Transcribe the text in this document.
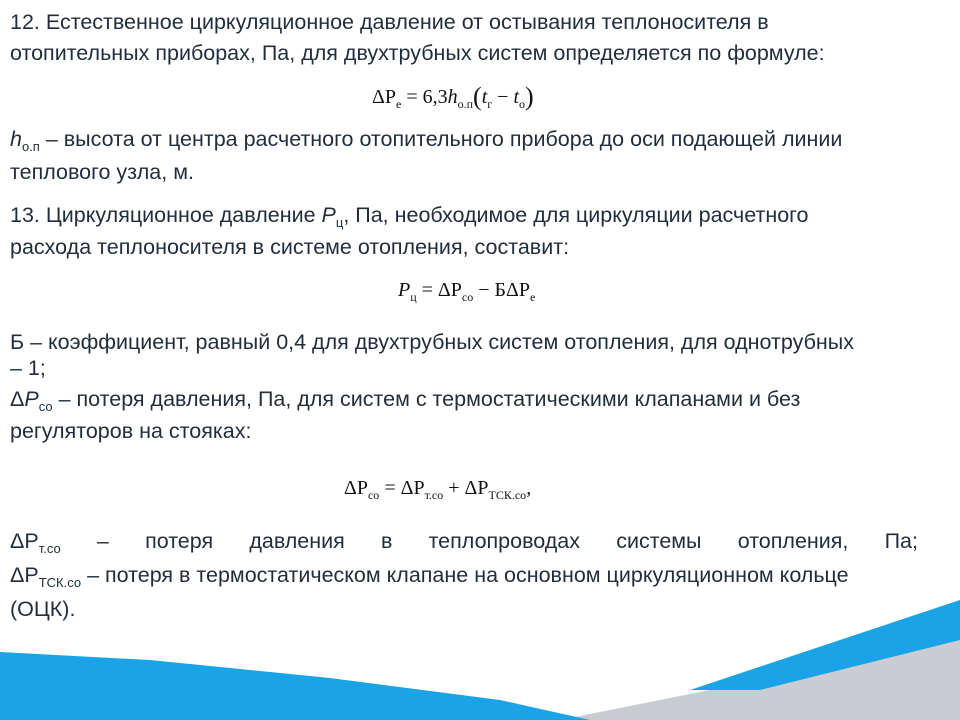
12. Естественное циркуляционное давление от остывания теплоносителя в
отопительных приборах, Па, для двухтрубных систем определяется по формуле:
$\Delta P_е = 6,3h_{о.п}(t_г - t_о)$
$h_{о.п}$ – высота от центра расчетного отопительного прибора до оси подающей линии
теплового узла, м.
13. Циркуляционное давление $P_ц$, Па, необходимое для циркуляции расчетного
расхода теплоносителя в системе отопления, составит:
$P_ц = \Delta P_{со} - Б\Delta P_е$
Б – коэффициент, равный 0,4 для двухтрубных систем отопления, для однотрубных
– 1;
$\Delta P_{со}$ – потеря давления, Па, для систем с термостатическими клапанами и без
регуляторов на стояках:
$\Delta P_{со} = \Delta P_{т.со} + \Delta P_{ТСК.со}$,
$\Delta P_{т.со}$ – потеря давления в теплопроводах системы отопления, Па;
$\Delta P_{ТСК.со}$ – потеря в термостатическом клапане на основном циркуляционном кольце
(ОЦК).
